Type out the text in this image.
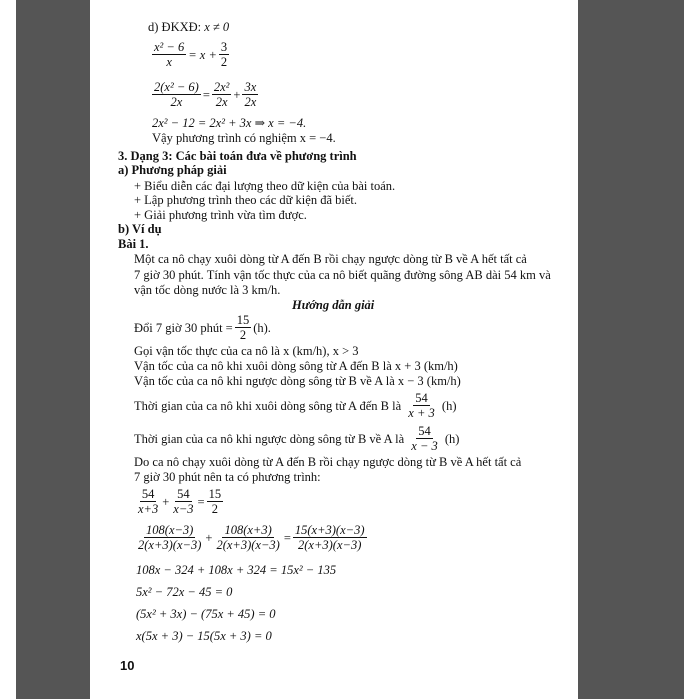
d) ĐKXĐ:
x ≠ 0
$\frac{\text{x² − 6}}{x} = x + \frac{3}{2}$
$\frac{\text{2(x² − 6)}}{2x} = \frac{\text{2x²}}{2x} + \frac{3x}{2x}$
2x² − 12 = 2x² + 3x ⇒ x = −4.
Vậy phương trình có nghiệm x = −4.
3. Dạng 3: Các bài toán đưa về phương trình
a) Phương pháp giải
+ Biểu diễn các đại lượng theo dữ kiện của bài toán.
+ Lập phương trình theo các dữ kiện đã biết.
+ Giải phương trình vừa tìm được.
b) Ví dụ
Bài 1.
Một ca nô chạy xuôi dòng từ A đến B rồi chạy ngược dòng từ B về A hết tất cả
7 giờ 30 phút. Tính vận tốc thực của ca nô biết quãng đường sông AB dài 54 km và
vận tốc dòng nước là 3 km/h.
Hướng dẫn giải
Đổi 7 giờ 30 phút = $\frac{15}{2} (h)$.
Gọi vận tốc thực của ca nô là x (km/h), x > 3
Vận tốc của ca nô khi xuôi dòng sông từ A đến B là x + 3 (km/h)
Vận tốc của ca nô khi ngược dòng sông từ B về A là x − 3 (km/h)
Thời gian của ca nô khi xuôi dòng sông từ A đến B là
$\frac{54}{x + 3}$
(h)
Thời gian của ca nô khi ngược dòng sông từ B về A là
$\frac{54}{x - 3}$
(h)
Do ca nô chạy xuôi dòng từ A đến B rồi chạy ngược dòng từ B về A hết tất cả
7 giờ 30 phút nên ta có phương trình:
$\frac{54}{x+3} + \frac{54}{x-3} = \frac{15}{2}$
$\frac{108(x-3)}{2(x+3)(x-3)} + \frac{108(x+3)}{2(x+3)(x-3)} = \frac{15(x+3)(x-3)}{2(x+3)(x-3)}$
108x − 324 + 108x + 324 = 15x² − 135
5x² − 72x − 45 = 0
(5x² + 3x) − (75x + 45) = 0
x(5x + 3) − 15(5x + 3) = 0
10
